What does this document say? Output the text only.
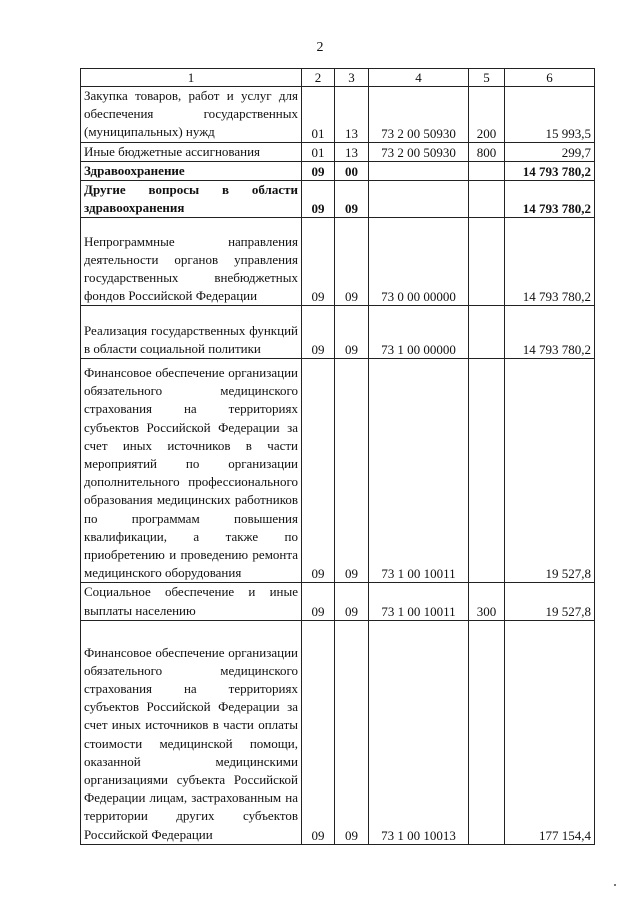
2
1	2	3	4	5	6
Закупка товаров, работ и услуг для обеспечения государственных (муниципальных) нужд	01	13	73 2 00 50930	200	15 993,5
Иные бюджетные ассигнования	01	13	73 2 00 50930	800	299,7
Здравоохранение	09	00			14 793 780,2
Другие вопросы в области здравоохранения	09	09			14 793 780,2
Непрограммные направления деятельности органов управления государственных внебюджетных фондов Российской Федерации	09	09	73 0 00 00000		14 793 780,2
Реализация государственных функций в области социальной политики	09	09	73 1 00 00000		14 793 780,2
Финансовое обеспечение организации обязательного медицинского страхования на территориях субъектов Российской Федерации за счет иных источников в части мероприятий по организации дополнительного профессионального образования медицинских работников по программам повышения квалификации, а также по приобретению и проведению ремонта медицинского оборудования	09	09	73 1 00 10011		19 527,8
Социальное обеспечение и иные выплаты населению	09	09	73 1 00 10011	300	19 527,8
Финансовое обеспечение организации обязательного медицинского страхования на территориях субъектов Российской Федерации за счет иных источников в части оплаты стоимости медицинской помощи, оказанной медицинскими организациями субъекта Российской Федерации лицам, застрахованным на территории других субъектов Российской Федерации	09	09	73 1 00 10013		177 154,4
